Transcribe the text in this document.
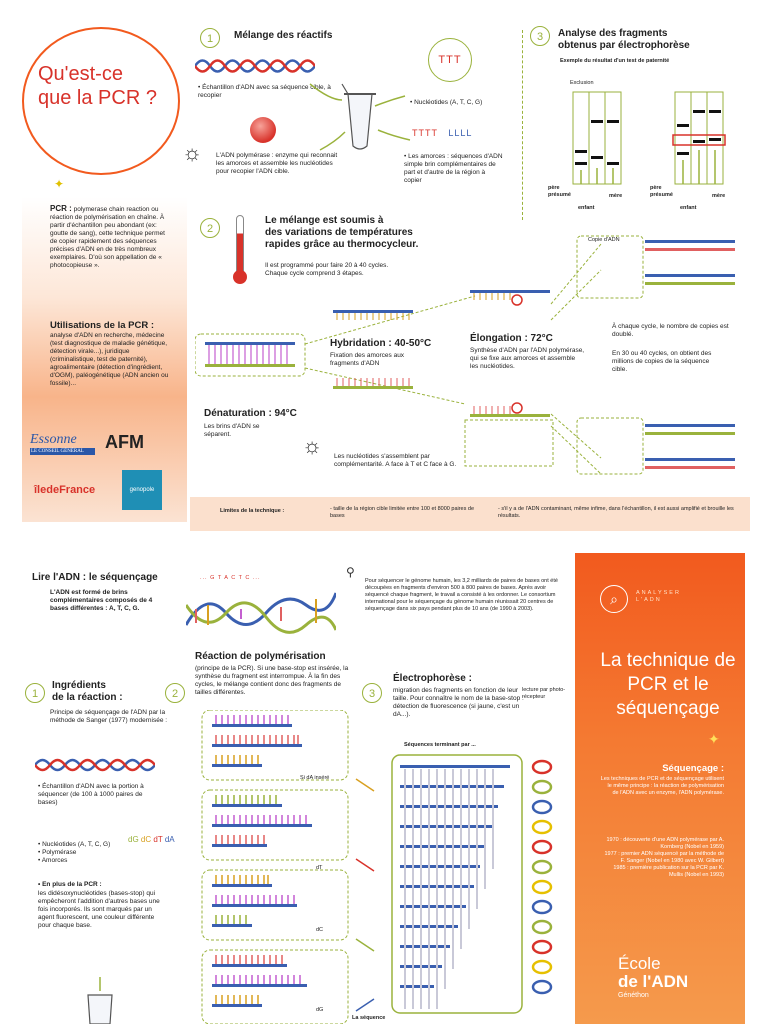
Qu'est-ce
que la PCR ?
✦
PCR : polymerase chain reaction ou réaction de polymérisation en chaîne. À partir d'échantillon peu abondant (ex: goutte de sang), cette technique permet de copier rapidement des séquences précises d'ADN en de très nombreux exemplaires. D'où son appellation de « photocopieuse ».
Utilisations de la PCR :
analyse d'ADN en recherche, médecine (test diagnostique de maladie génétique, détection virale...), juridique (criminalistique, test de paternité), agroalimentaire (détection d'ingrédient, d'OGM), paléogénétique (ADN ancien ou fossile)...
Essonne
LE CONSEIL GÉNÉRAL	AFM
îledeFrance	genopole
1	Mélange des réactifs
• Échantillon d'ADN avec sa séquence cible, à recopier
TTT
• Nucléotides (A, T, C, G)
☼ L'ADN polymérase : enzyme qui reconnait les amorces et assemble les nucléotides pour recopier l'ADN cible.
TTTT   LLLL
• Les amorces : séquences d'ADN simple brin complémentaires de part et d'autre de la région à copier
3	Analyse des fragments
obtenus par électrophorèse
Exemple du résultat d'un test de paternité
Exclusion
père présumé	mère
enfant
père présumé	mère
enfant
2
Le mélange est soumis à
des variations de températures
rapides grâce au thermocycleur.
Il est programmé pour faire 20 à 40 cycles. Chaque cycle comprend 3 étapes.
Copie d'ADN
Hybridation : 40-50°C
Fixation des amorces aux fragments d'ADN
Élongation : 72°C
Synthèse d'ADN par l'ADN polymérase, qui se fixe aux amorces et assemble les nucléotides.
À chaque cycle, le nombre de copies est doublé.
En 30 ou 40 cycles, on obtient des millions de copies de la séquence cible.
Dénaturation : 94°C
Les brins d'ADN se séparent.	☼ Les nucléotides s'assemblent par complémentarité. A face à T et C face à G.
Limites de la technique :	- taille de la région cible limitée entre 100 et 8000 paires de bases
- s'il y a de l'ADN contaminant, même infime, dans l'échantillon, il est aussi amplifié et brouille les résultats.
Lire l'ADN : le séquençage
L'ADN est formé de brins complémentaires composés de 4 bases différentes : A, T, C, G.
... G T A C T C ...	⚲
Pour séquencer le génome humain, les 3,2 milliards de paires de bases ont été découpées en fragments d'environ 500 à 800 paires de bases. Après avoir séquencé chaque fragment, le travail a consisté à les ordonner. Le consortium international pour le séquençage du génome humain réunissait 20 centres de séquençage dans six pays pendant plus de 10 ans (de 1990 à 2003).
1
Ingrédients
de la réaction :
Principe de séquençage de l'ADN par la méthode de Sanger (1977) modernisée :
• Échantillon d'ADN avec la portion à séquencer (de 100 à 1000 paires de bases)
• Nucléotides (A, T, C, G)
• Polymérase
• Amorces
dG dC dT dA
• En plus de la PCR :
les didésoxynucléotides (bases-stop) qui empêcheront l'addition d'autres bases une fois incorporés. Ils sont marqués par un agent fluorescent, une couleur différente pour chaque base.
2
Réaction de polymérisation
(principe de la PCR). Si une base-stop est insérée, la synthèse du fragment est interrompue. À la fin des cycles, le mélange contient donc des fragments de tailles différentes.
Si dA inséré
dT
dC
dG
3
Électrophorèse :
migration des fragments en fonction de leur taille. Pour connaître le nom de la base-stop : détection de fluorescence (si jaune, c'est un dA...).
Séquences terminant par ...
lecture par photo-récepteur
La séquence
⌕	ANALYSER
L'ADN
La technique de PCR et le séquençage
✦
Séquençage :
Les techniques de PCR et de séquençage utilisent le même principe : la réaction de polymérisation de l'ADN avec un enzyme, l'ADN polymérase.
1970 : découverte d'une ADN polymérase par A. Kornberg (Nobel en 1959)
1977 : premier ADN séquencé par la méthode de F. Sanger (Nobel en 1980 avec W. Gilbert)
1985 : première publication sur la PCR par K. Mullis (Nobel en 1993)
École
de l'ADN
Généthon
